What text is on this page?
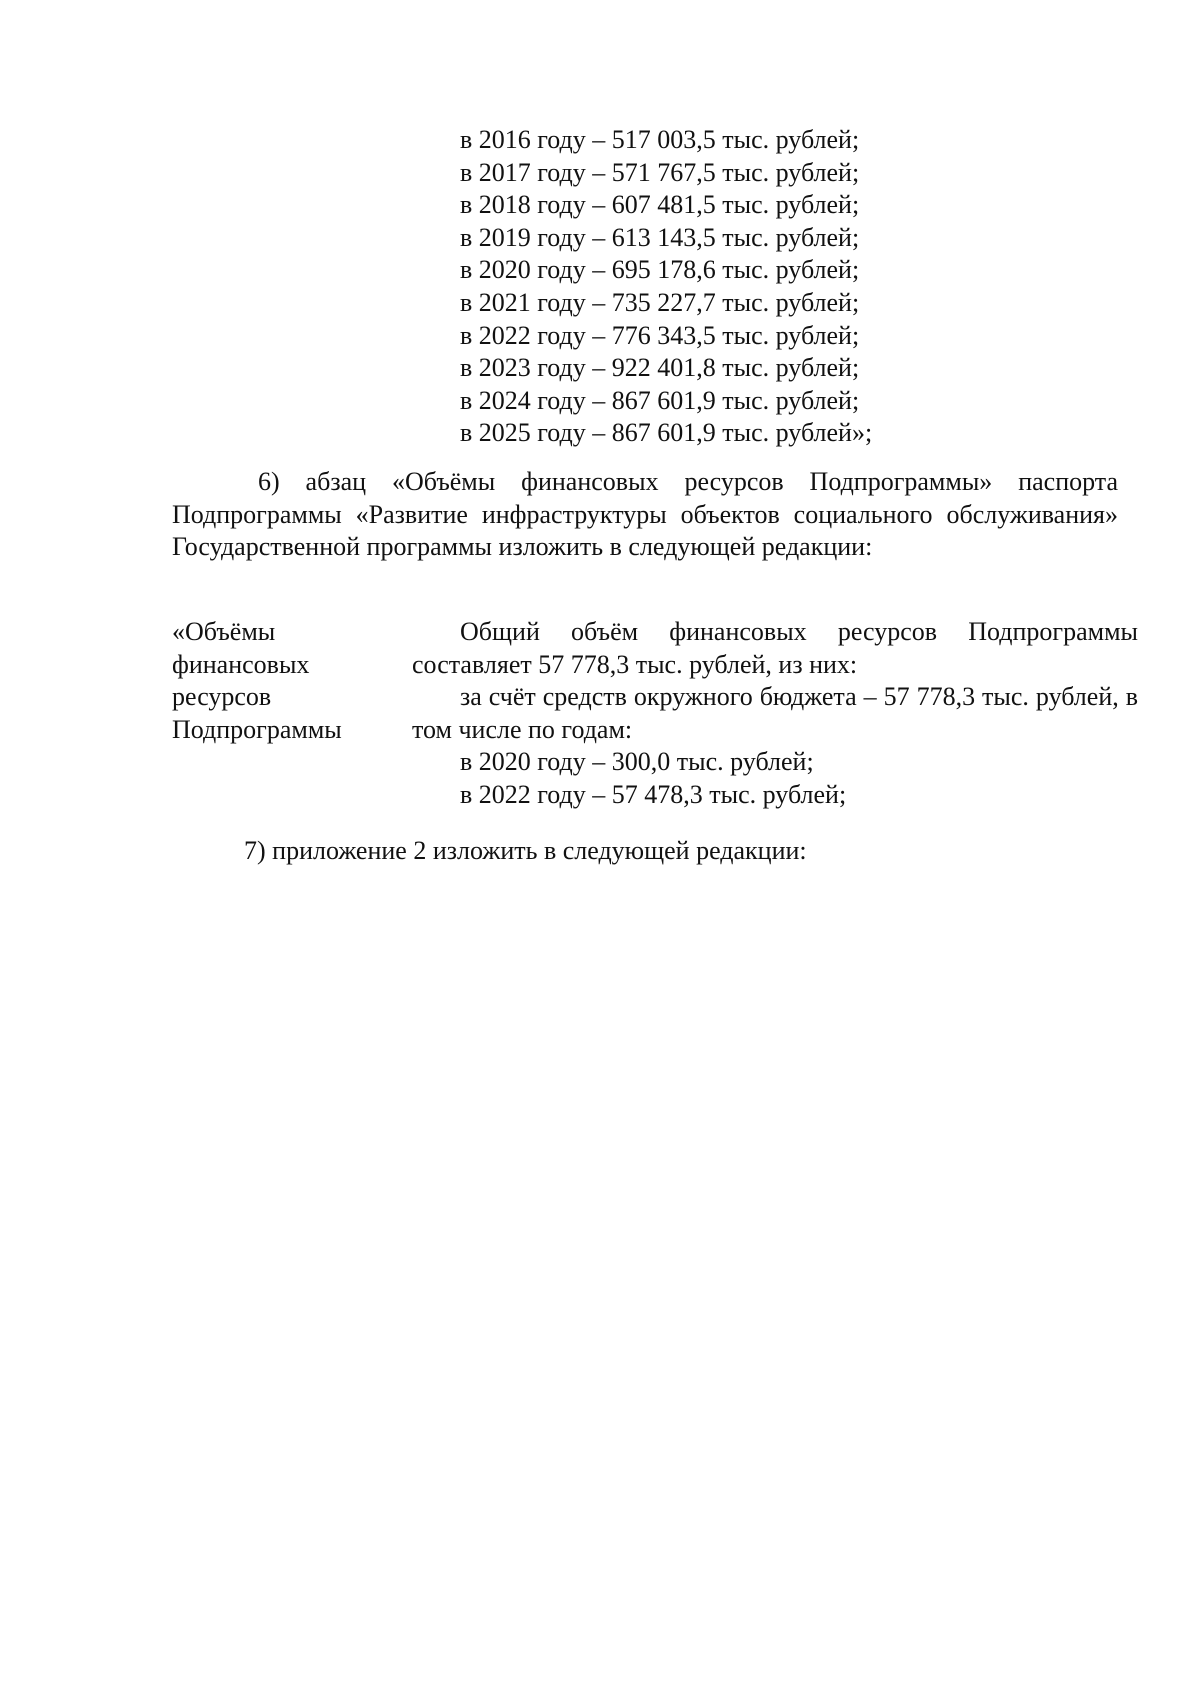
в 2016 году – 517 003,5 тыс. рублей;
в 2017 году – 571 767,5 тыс. рублей;
в 2018 году – 607 481,5 тыс. рублей;
в 2019 году – 613 143,5 тыс. рублей;
в 2020 году – 695 178,6 тыс. рублей;
в 2021 году – 735 227,7 тыс. рублей;
в 2022 году – 776 343,5 тыс. рублей;
в 2023 году – 922 401,8 тыс. рублей;
в 2024 году – 867 601,9 тыс. рублей;
в 2025 году – 867 601,9 тыс. рублей»;

6) абзац «Объёмы финансовых ресурсов Подпрограммы» паспорта Подпрограммы «Развитие инфраструктуры объектов социального обслуживания» Государственной программы изложить в следующей редакции:

«Объёмы
финансовых
ресурсов
Подпрограммы

Общий объём финансовых ресурсов Подпрограммы составляет 57 778,3 тыс. рублей, из них:

за счёт средств окружного бюджета – 57 778,3 тыс. рублей, в том числе по годам:

в 2020 году – 300,0 тыс. рублей;

в 2022 году – 57 478,3 тыс. рублей;

7) приложение 2 изложить в следующей редакции:
